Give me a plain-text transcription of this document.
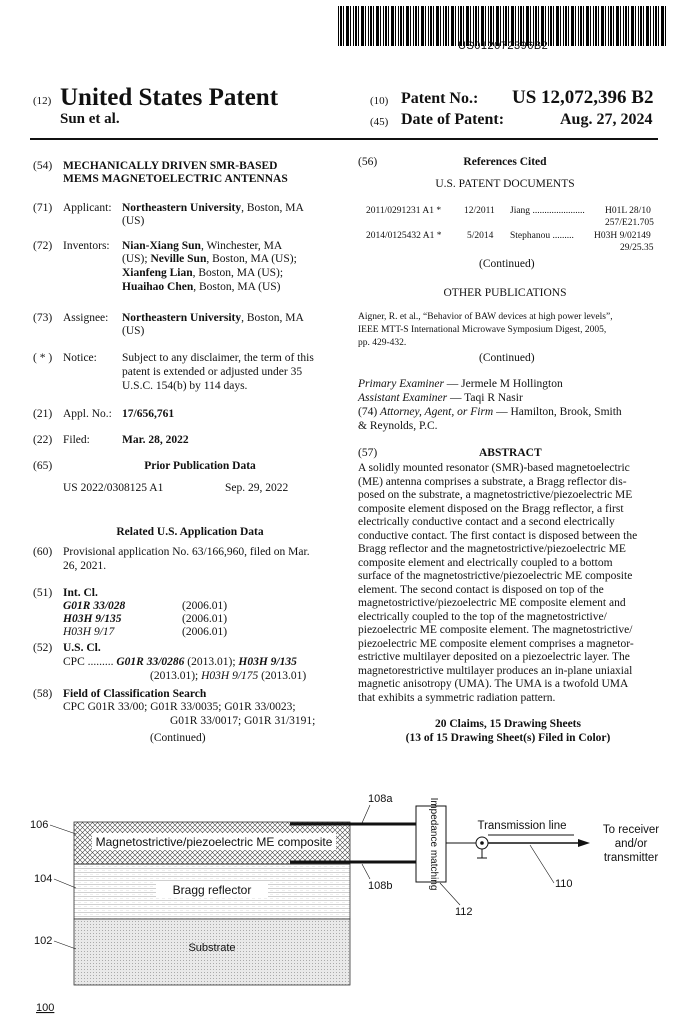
US012072396B2
(12) United States Patent
Sun et al.
(10) Patent No.: US 12,072,396 B2
(45) Date of Patent:	Aug. 27, 2024
(54) MECHANICALLY DRIVEN SMR-BASED
MEMS MAGNETOELECTRIC ANTENNAS
(71) Applicant: Northeastern University, Boston, MA
(US)
(72) Inventors: Nian-Xiang Sun, Winchester, MA
(US); Neville Sun, Boston, MA (US);
Xianfeng Lian, Boston, MA (US);
Huaihao Chen, Boston, MA (US)
(73) Assignee: Northeastern University, Boston, MA
(US)
( * ) Notice: Subject to any disclaimer, the term of this
patent is extended or adjusted under 35
U.S.C. 154(b) by 114 days.
(21) Appl. No.: 17/656,761
(22) Filed:	Mar. 28, 2022
(65)	Prior Publication Data
US 2022/0308125 A1	Sep. 29, 2022
Related U.S. Application Data
(60) Provisional application No. 63/166,960, filed on Mar.
26, 2021.
(51) Int. Cl.
G01R 33/028	(2006.01)
H03H 9/135	(2006.01)
H03H 9/17	(2006.01)
(52) U.S. Cl.
CPC ......... G01R 33/0286 (2013.01); H03H 9/135
(2013.01); H03H 9/175 (2013.01)
(58) Field of Classification Search
CPC G01R 33/00; G01R 33/0035; G01R 33/0023;
G01R 33/0017; G01R 31/3191;
(Continued)
(56)	References Cited
U.S. PATENT DOCUMENTS
2011/0291231 A1 * 12/2011 Jiang ...................... H01L 28/10
257/E21.705
2014/0125432 A1 *	5/2014 Stephanou ......... H03H 9/02149
29/25.35
(Continued)
OTHER PUBLICATIONS
Aigner, R. et al., “Behavior of BAW devices at high power levels”,
IEEE MTT-S International Microwave Symposium Digest, 2005,
pp. 429-432.
(Continued)
Primary Examiner — Jermele M Hollington
Assistant Examiner — Taqi R Nasir
(74) Attorney, Agent, or Firm — Hamilton, Brook, Smith
& Reynolds, P.C.
(57)	ABSTRACT
A solidly mounted resonator (SMR)-based magnetoelectric
(ME) antenna comprises a substrate, a Bragg reflector dis-
posed on the substrate, a magnetostrictive/piezoelectric ME
composite element disposed on the Bragg reflector, a first
electrically conductive contact and a second electrically
conductive contact. The first contact is disposed between the
Bragg reflector and the magnetostrictive/piezoelectric ME
composite element and electrically coupled to a bottom
surface of the magnetostrictive/piezoelectric ME composite
element. The second contact is disposed on top of the
magnetostrictive/piezoelectric ME composite element and
electrically coupled to the top of the magnetostrictive/
piezoelectric ME composite element. The magnetostrictive/
piezoelectric ME composite element comprises a magnetor-
estrictive multilayer deposited on a piezoelectric layer. The
magnetorestrictive multilayer produces an in-plane uniaxial
magnetic anisotropy (UMA). The UMA is a twofold UMA
that exhibits a symmetric radiation pattern.
20 Claims, 15 Drawing Sheets
(13 of 15 Drawing Sheet(s) Filed in Color)
Magnetostrictive/piezoelectric ME composite
Bragg reflector
Substrate
Impedance matching	Transmission line	To receiver
and/or
transmitter
106
104
102
108a
108b
112
110
100
